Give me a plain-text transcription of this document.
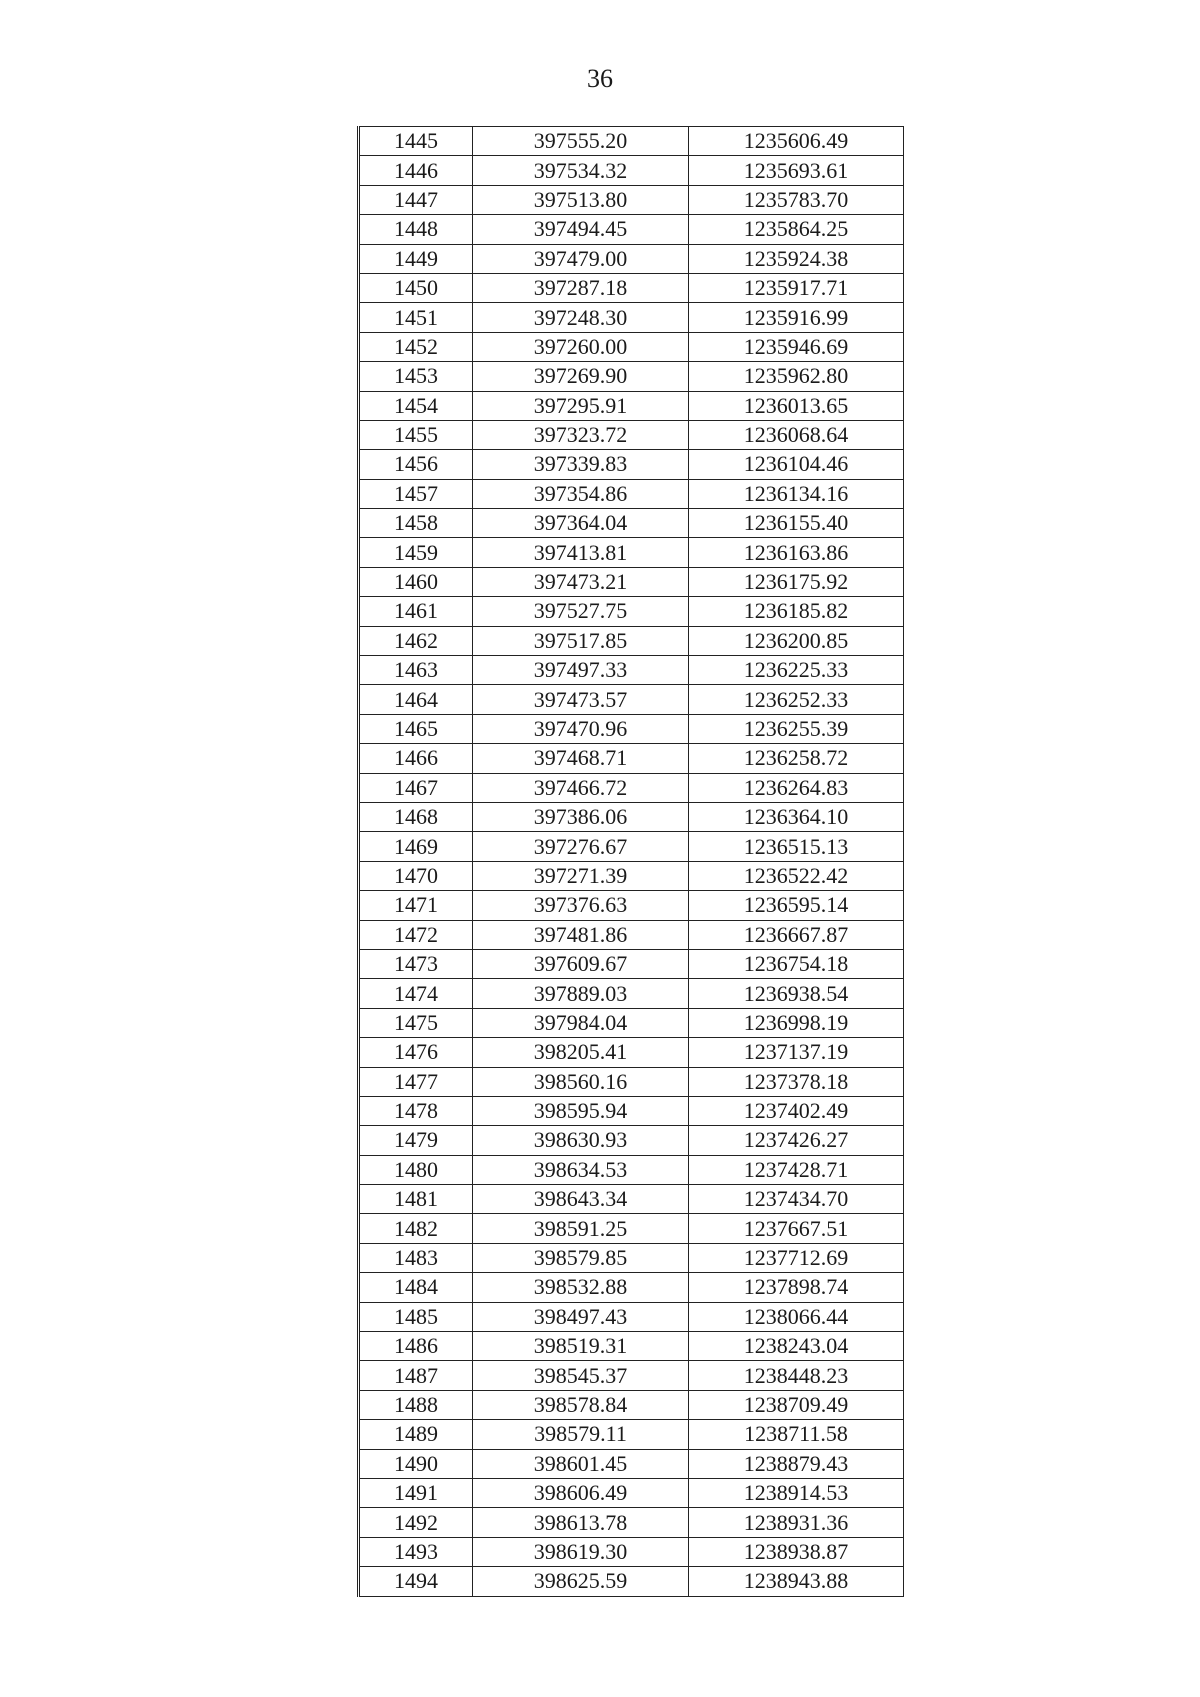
36
1445	397555.20	1235606.49
1446	397534.32	1235693.61
1447	397513.80	1235783.70
1448	397494.45	1235864.25
1449	397479.00	1235924.38
1450	397287.18	1235917.71
1451	397248.30	1235916.99
1452	397260.00	1235946.69
1453	397269.90	1235962.80
1454	397295.91	1236013.65
1455	397323.72	1236068.64
1456	397339.83	1236104.46
1457	397354.86	1236134.16
1458	397364.04	1236155.40
1459	397413.81	1236163.86
1460	397473.21	1236175.92
1461	397527.75	1236185.82
1462	397517.85	1236200.85
1463	397497.33	1236225.33
1464	397473.57	1236252.33
1465	397470.96	1236255.39
1466	397468.71	1236258.72
1467	397466.72	1236264.83
1468	397386.06	1236364.10
1469	397276.67	1236515.13
1470	397271.39	1236522.42
1471	397376.63	1236595.14
1472	397481.86	1236667.87
1473	397609.67	1236754.18
1474	397889.03	1236938.54
1475	397984.04	1236998.19
1476	398205.41	1237137.19
1477	398560.16	1237378.18
1478	398595.94	1237402.49
1479	398630.93	1237426.27
1480	398634.53	1237428.71
1481	398643.34	1237434.70
1482	398591.25	1237667.51
1483	398579.85	1237712.69
1484	398532.88	1237898.74
1485	398497.43	1238066.44
1486	398519.31	1238243.04
1487	398545.37	1238448.23
1488	398578.84	1238709.49
1489	398579.11	1238711.58
1490	398601.45	1238879.43
1491	398606.49	1238914.53
1492	398613.78	1238931.36
1493	398619.30	1238938.87
1494	398625.59	1238943.88
